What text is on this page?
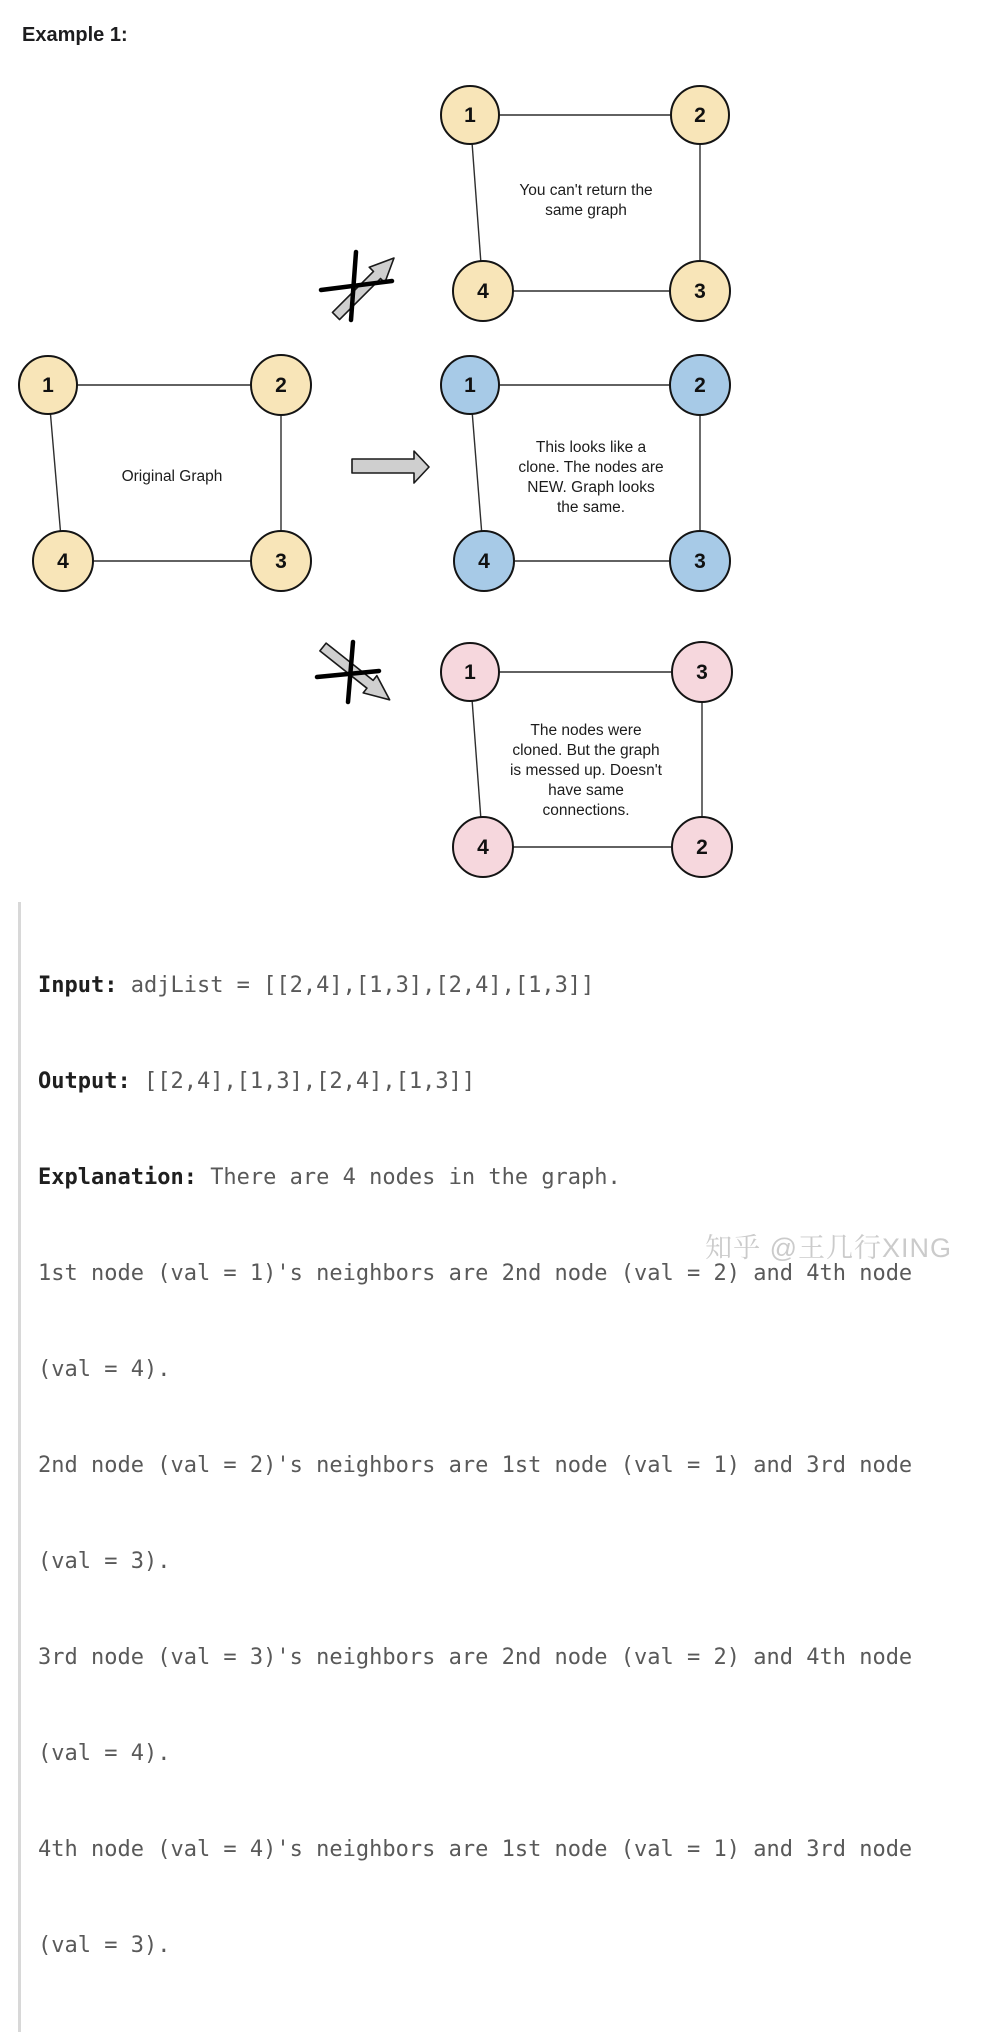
Example 1:
1	2
4	3
You can't return the
same graph
1	2
4	3
Original Graph
1	2
4	3
This looks like a
clone. The nodes are
NEW. Graph looks
the same.
1	3
4	2
The nodes were
cloned. But the graph
is messed up. Doesn't
have same
connections.

Input: adjList = [[2,4],[1,3],[2,4],[1,3]]

Output: [[2,4],[1,3],[2,4],[1,3]]

Explanation: There are 4 nodes in the graph.

1st node (val = 1)'s neighbors are 2nd node (val = 2) and 4th node

(val = 4).

2nd node (val = 2)'s neighbors are 1st node (val = 1) and 3rd node

(val = 3).

3rd node (val = 3)'s neighbors are 2nd node (val = 2) and 4th node

(val = 4).

4th node (val = 4)'s neighbors are 1st node (val = 1) and 3rd node

(val = 3).

知乎 @王几行XING
